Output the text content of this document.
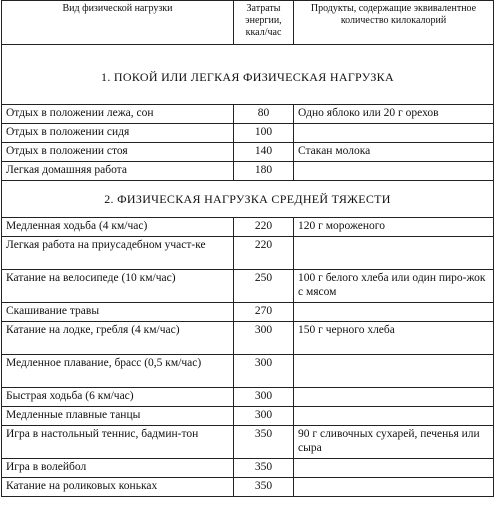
Вид физической нагрузки	Затраты энергии, ккал/час	Продукты, содержащие эквивалентное количество килокалорий
1. ПОКОЙ ИЛИ ЛЕГКАЯ ФИЗИЧЕСКАЯ НАГРУЗКА		
Отдых в положении лежа, сон	80	Одно яблоко или 20 г орехов
Отдых в положении сидя	100	
Отдых в положении стоя	140	Стакан молока
Легкая домашняя работа	180	
2. ФИЗИЧЕСКАЯ НАГРУЗКА СРЕДНЕЙ ТЯЖЕСТИ		
Медленная ходьба (4 км/час)	220	120 г мороженого
Легкая работа на приусадебном участ-ке	220	
Катание на велосипеде (10 км/час)	250	100 г белого хлеба или один пиро-жок с мясом
Скашивание травы	270	
Катание на лодке, гребля (4 км/час)	300	150 г черного хлеба
Медленное плавание, брасс (0,5 км/час)	300	
Быстрая ходьба (6 км/час)	300	
Медленные плавные танцы	300	
Игра в настольный теннис, бадмин-тон	350	90 г сливочных сухарей, печенья или сыра
Игра в волейбол	350	
Катание на роликовых коньках	350	
